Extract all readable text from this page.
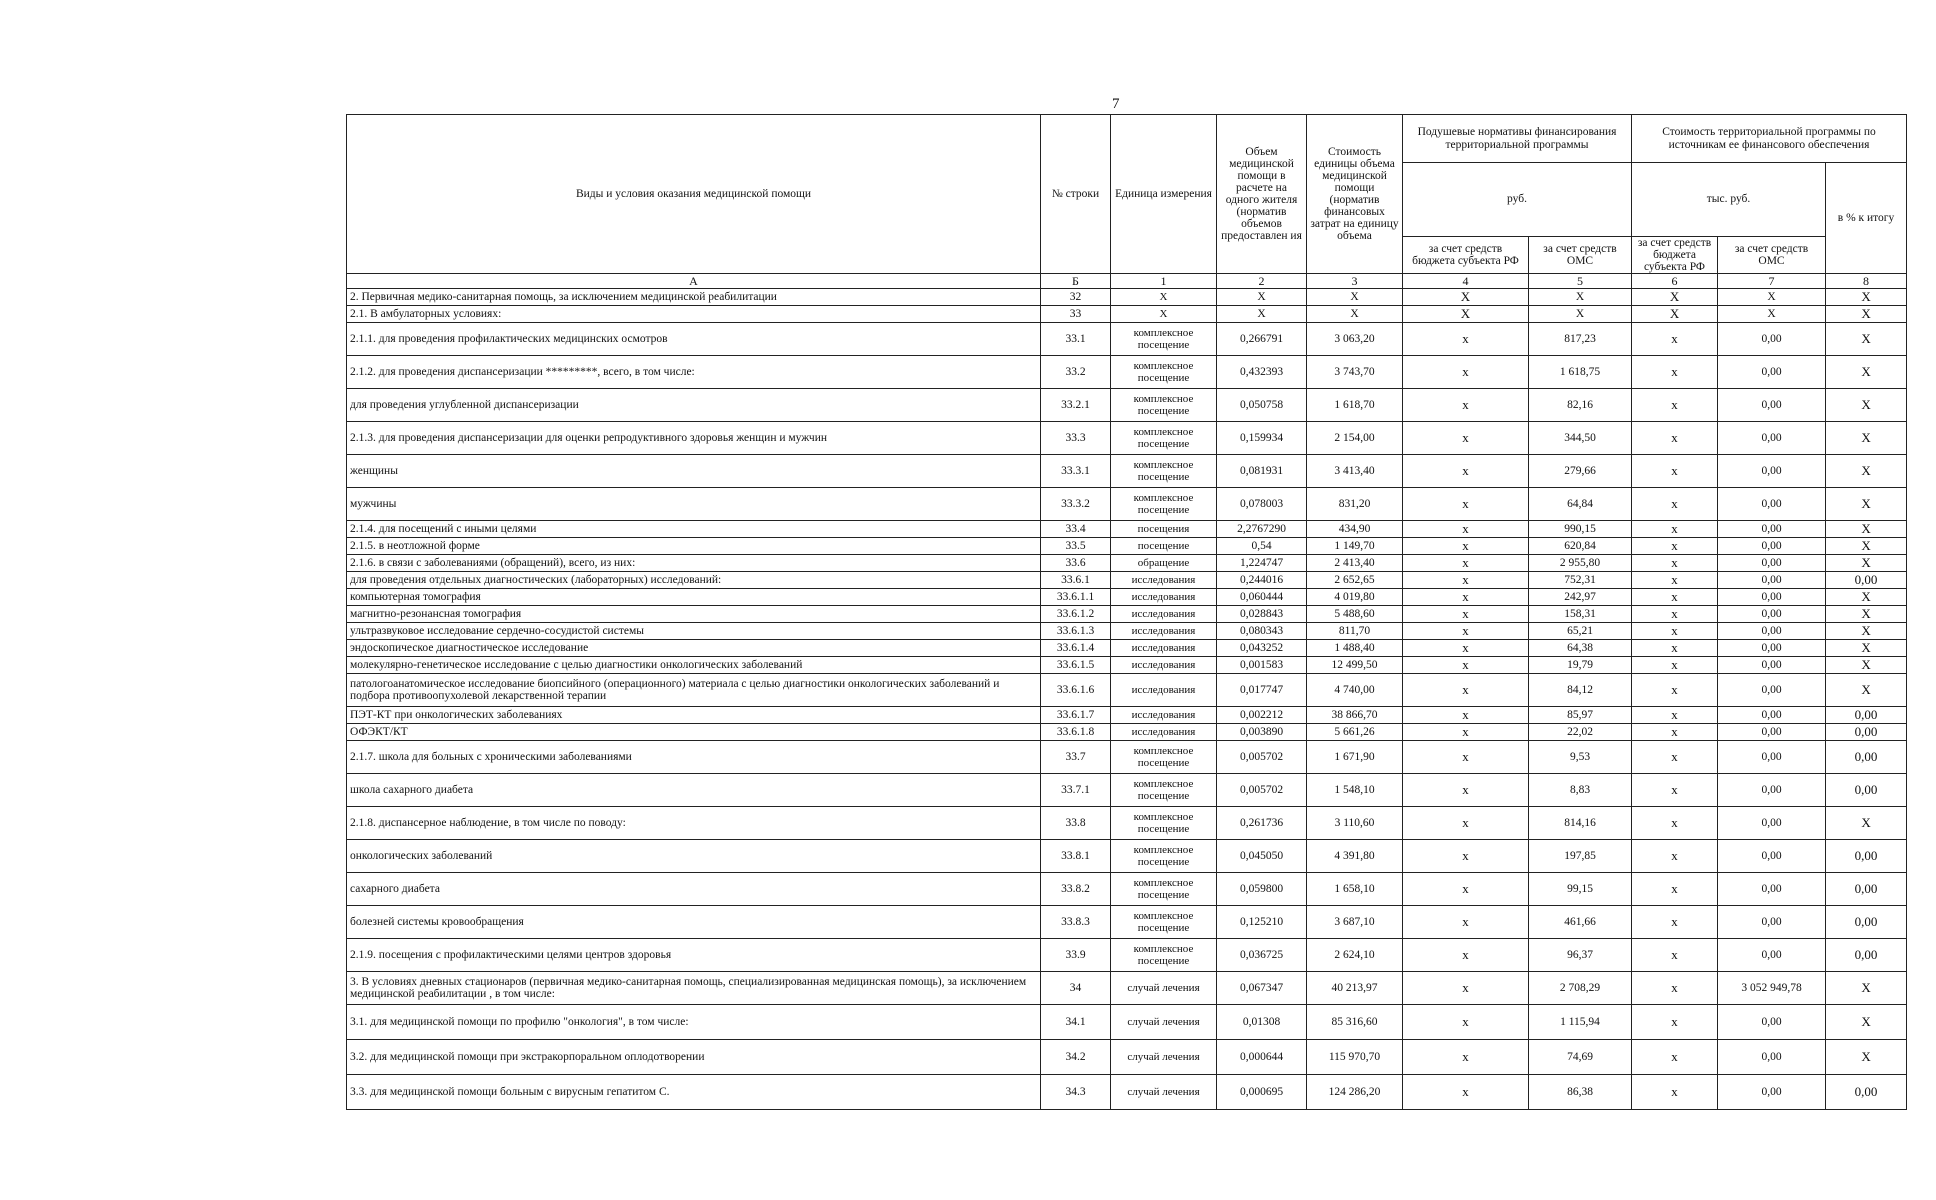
7
Виды и условия оказания медицинской помощи	№ строки	Единица измерения	Объем медицинской помощи в расчете на одного жителя (норматив объемов предоставлен ия	Стоимость единицы объема медицинской помощи (норматив финансовых затрат на единицу объема	Подушевые нормативы финансирования территориальной программы		Стоимость территориальной программы по источникам ее финансового обеспечения		
					руб.		тыс. руб.		в % к итогу
					за счет средств бюджета субъекта РФ	за счет средств ОМС	за счет средств бюджета субъекта РФ	за счет средств ОМС	
А	Б	1	2	3	4	5	6	7	8
2. Первичная медико-санитарная помощь, за исключением медицинской реабилитации	32	X	X	X	X	X	X	X	X
2.1. В амбулаторных условиях:	33	X	X	X	X	X	X	X	X
2.1.1. для проведения профилактических медицинских осмотров	33.1	комплексное посещение	0,266791	3 063,20	x	817,23	x	0,00	X
2.1.2. для проведения диспансеризации *********, всего, в том числе:	33.2	комплексное посещение	0,432393	3 743,70	x	1 618,75	x	0,00	X
для проведения углубленной диспансеризации	33.2.1	комплексное посещение	0,050758	1 618,70	x	82,16	x	0,00	X
2.1.3. для проведения диспансеризации для оценки репродуктивного здоровья женщин и мужчин	33.3	комплексное посещение	0,159934	2 154,00	x	344,50	x	0,00	X
женщины	33.3.1	комплексное посещение	0,081931	3 413,40	x	279,66	x	0,00	X
мужчины	33.3.2	комплексное посещение	0,078003	831,20	x	64,84	x	0,00	X
2.1.4. для посещений с иными целями	33.4	посещения	2,2767290	434,90	x	990,15	x	0,00	X
2.1.5. в неотложной форме	33.5	посещение	0,54	1 149,70	x	620,84	x	0,00	X
2.1.6. в связи с заболеваниями (обращений), всего, из них:	33.6	обращение	1,224747	2 413,40	x	2 955,80	x	0,00	X
для проведения отдельных диагностических (лабораторных) исследований:	33.6.1	исследования	0,244016	2 652,65	x	752,31	x	0,00	0,00
компьютерная томография	33.6.1.1	исследования	0,060444	4 019,80	x	242,97	x	0,00	X
магнитно-резонансная томография	33.6.1.2	исследования	0,028843	5 488,60	x	158,31	x	0,00	X
ультразвуковое исследование сердечно-сосудистой системы	33.6.1.3	исследования	0,080343	811,70	x	65,21	x	0,00	X
эндоскопическое диагностическое исследование	33.6.1.4	исследования	0,043252	1 488,40	x	64,38	x	0,00	X
молекулярно-генетическое исследование с целью диагностики онкологических заболеваний	33.6.1.5	исследования	0,001583	12 499,50	x	19,79	x	0,00	X
патологоанатомическое исследование биопсийного (операционного) материала с целью диагностики онкологических заболеваний и подбора противоопухолевой лекарственной терапии	33.6.1.6	исследования	0,017747	4 740,00	x	84,12	x	0,00	X
ПЭТ-КТ при онкологических заболеваниях	33.6.1.7	исследования	0,002212	38 866,70	x	85,97	x	0,00	0,00
ОФЭКТ/КТ	33.6.1.8	исследования	0,003890	5 661,26	x	22,02	x	0,00	0,00
2.1.7. школа для больных с хроническими заболеваниями	33.7	комплексное посещение	0,005702	1 671,90	x	9,53	x	0,00	0,00
школа сахарного диабета	33.7.1	комплексное посещение	0,005702	1 548,10	x	8,83	x	0,00	0,00
2.1.8. диспансерное наблюдение, в том числе по поводу:	33.8	комплексное посещение	0,261736	3 110,60	x	814,16	x	0,00	X
онкологических заболеваний	33.8.1	комплексное посещение	0,045050	4 391,80	x	197,85	x	0,00	0,00
сахарного диабета	33.8.2	комплексное посещение	0,059800	1 658,10	x	99,15	x	0,00	0,00
болезней системы кровообращения	33.8.3	комплексное посещение	0,125210	3 687,10	x	461,66	x	0,00	0,00
2.1.9. посещения с профилактическими целями центров здоровья	33.9	комплексное посещение	0,036725	2 624,10	x	96,37	x	0,00	0,00
3. В условиях дневных стационаров (первичная медико-санитарная помощь, специализированная медицинская помощь), за исключением медицинской реабилитации , в том числе:	34	случай лечения	0,067347	40 213,97	x	2 708,29	x	3 052 949,78	X
3.1. для медицинской помощи по профилю "онкология", в том числе:	34.1	случай лечения	0,01308	85 316,60	x	1 115,94	x	0,00	X
3.2. для медицинской помощи при экстракорпоральном оплодотворении	34.2	случай лечения	0,000644	115 970,70	x	74,69	x	0,00	X
3.3. для медицинской помощи больным с вирусным гепатитом С.	34.3	случай лечения	0,000695	124 286,20	x	86,38	x	0,00	0,00
